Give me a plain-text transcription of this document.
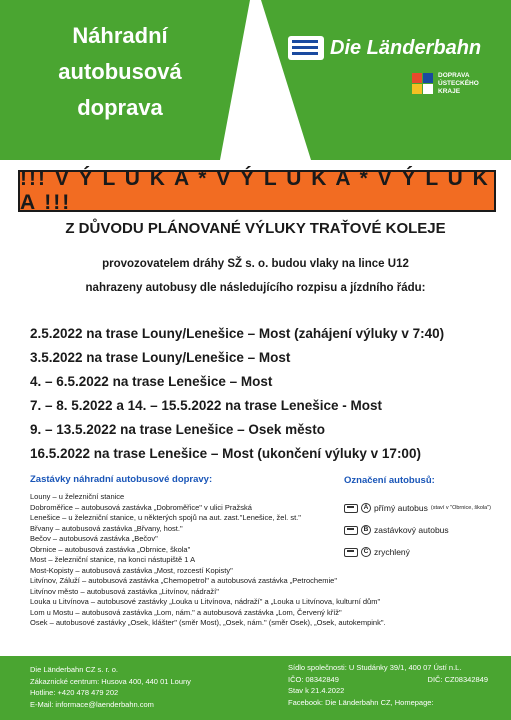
Náhradní
autobusová
doprava
Die Länderbahn
DOPRAVA
ÚSTECKÉHO
KRAJE
!!! V Ý L U K A * V Ý L U K A * V Ý L U K A !!!
Z DŮVODU PLÁNOVANÉ VÝLUKY TRAŤOVÉ KOLEJE
provozovatelem dráhy SŽ s. o. budou vlaky na lince U12
nahrazeny autobusy dle následujícího rozpisu a jízdního řádu:
2.5.2022 na trase Louny/Lenešice – Most (zahájení výluky v 7:40)
3.5.2022 na trase Louny/Lenešice – Most
4. – 6.5.2022 na trase Lenešice – Most
7. – 8. 5.2022 a 14. – 15.5.2022 na trase Lenešice - Most
9. – 13.5.2022 na trase Lenešice – Osek město
16.5.2022 na trase Lenešice – Most (ukončení výluky v 17:00)
Zastávky náhradní autobusové dopravy:
Louny – u železniční stanice
Dobroměřice – autobusová zastávka „Dobroměřice" v ulici Pražská
Lenešice – u železniční stanice, u některých spojů na aut. zast."Lenešice, žel. st."
Břvany – autobusová zastávka „Břvany, host."
Bečov – autobusová zastávka „Bečov"
Obrnice – autobusová zastávka „Obrnice, škola"
Most – železniční stanice, na konci nástupiště 1 A
Most-Kopisty – autobusová zastávka „Most, rozcestí Kopisty"
Litvínov, Záluží – autobusová zastávka „Chemopetrol" a autobusová zastávka „Petrochemie"
Litvínov město – autobusová zastávka „Litvínov, nádraží"
Louka u Litvínova – autobusové zastávky „Louka u Litvínova, nádraží" a „Louka u Litvínova, kulturní dům"
Lom u Mostu – autobusová zastávka „Lom, nám." a autobusová zastávka „Lom, Červený kříž"
Osek – autobusové zastávky „Osek, klášter" (směr Most), „Osek, nám." (směr Osek), „Osek, autokempink".
Označení autobusů:
A přímý autobus (staví v "Obrnice, škola")
B zastávkový autobus
C zrychlený
Die Länderbahn CZ s. r. o.
Zákaznické centrum: Husova 400, 440 01 Louny
Hotline: +420 478 479 202
E-Mail: informace@laenderbahn.com
Sídlo společnosti: U Studánky 39/1, 400 07 Ústí n.L.
IČO: 08342849	DIČ: CZ08342849
Stav k 21.4.2022
Facebook: Die Länderbahn CZ, Homepage:
